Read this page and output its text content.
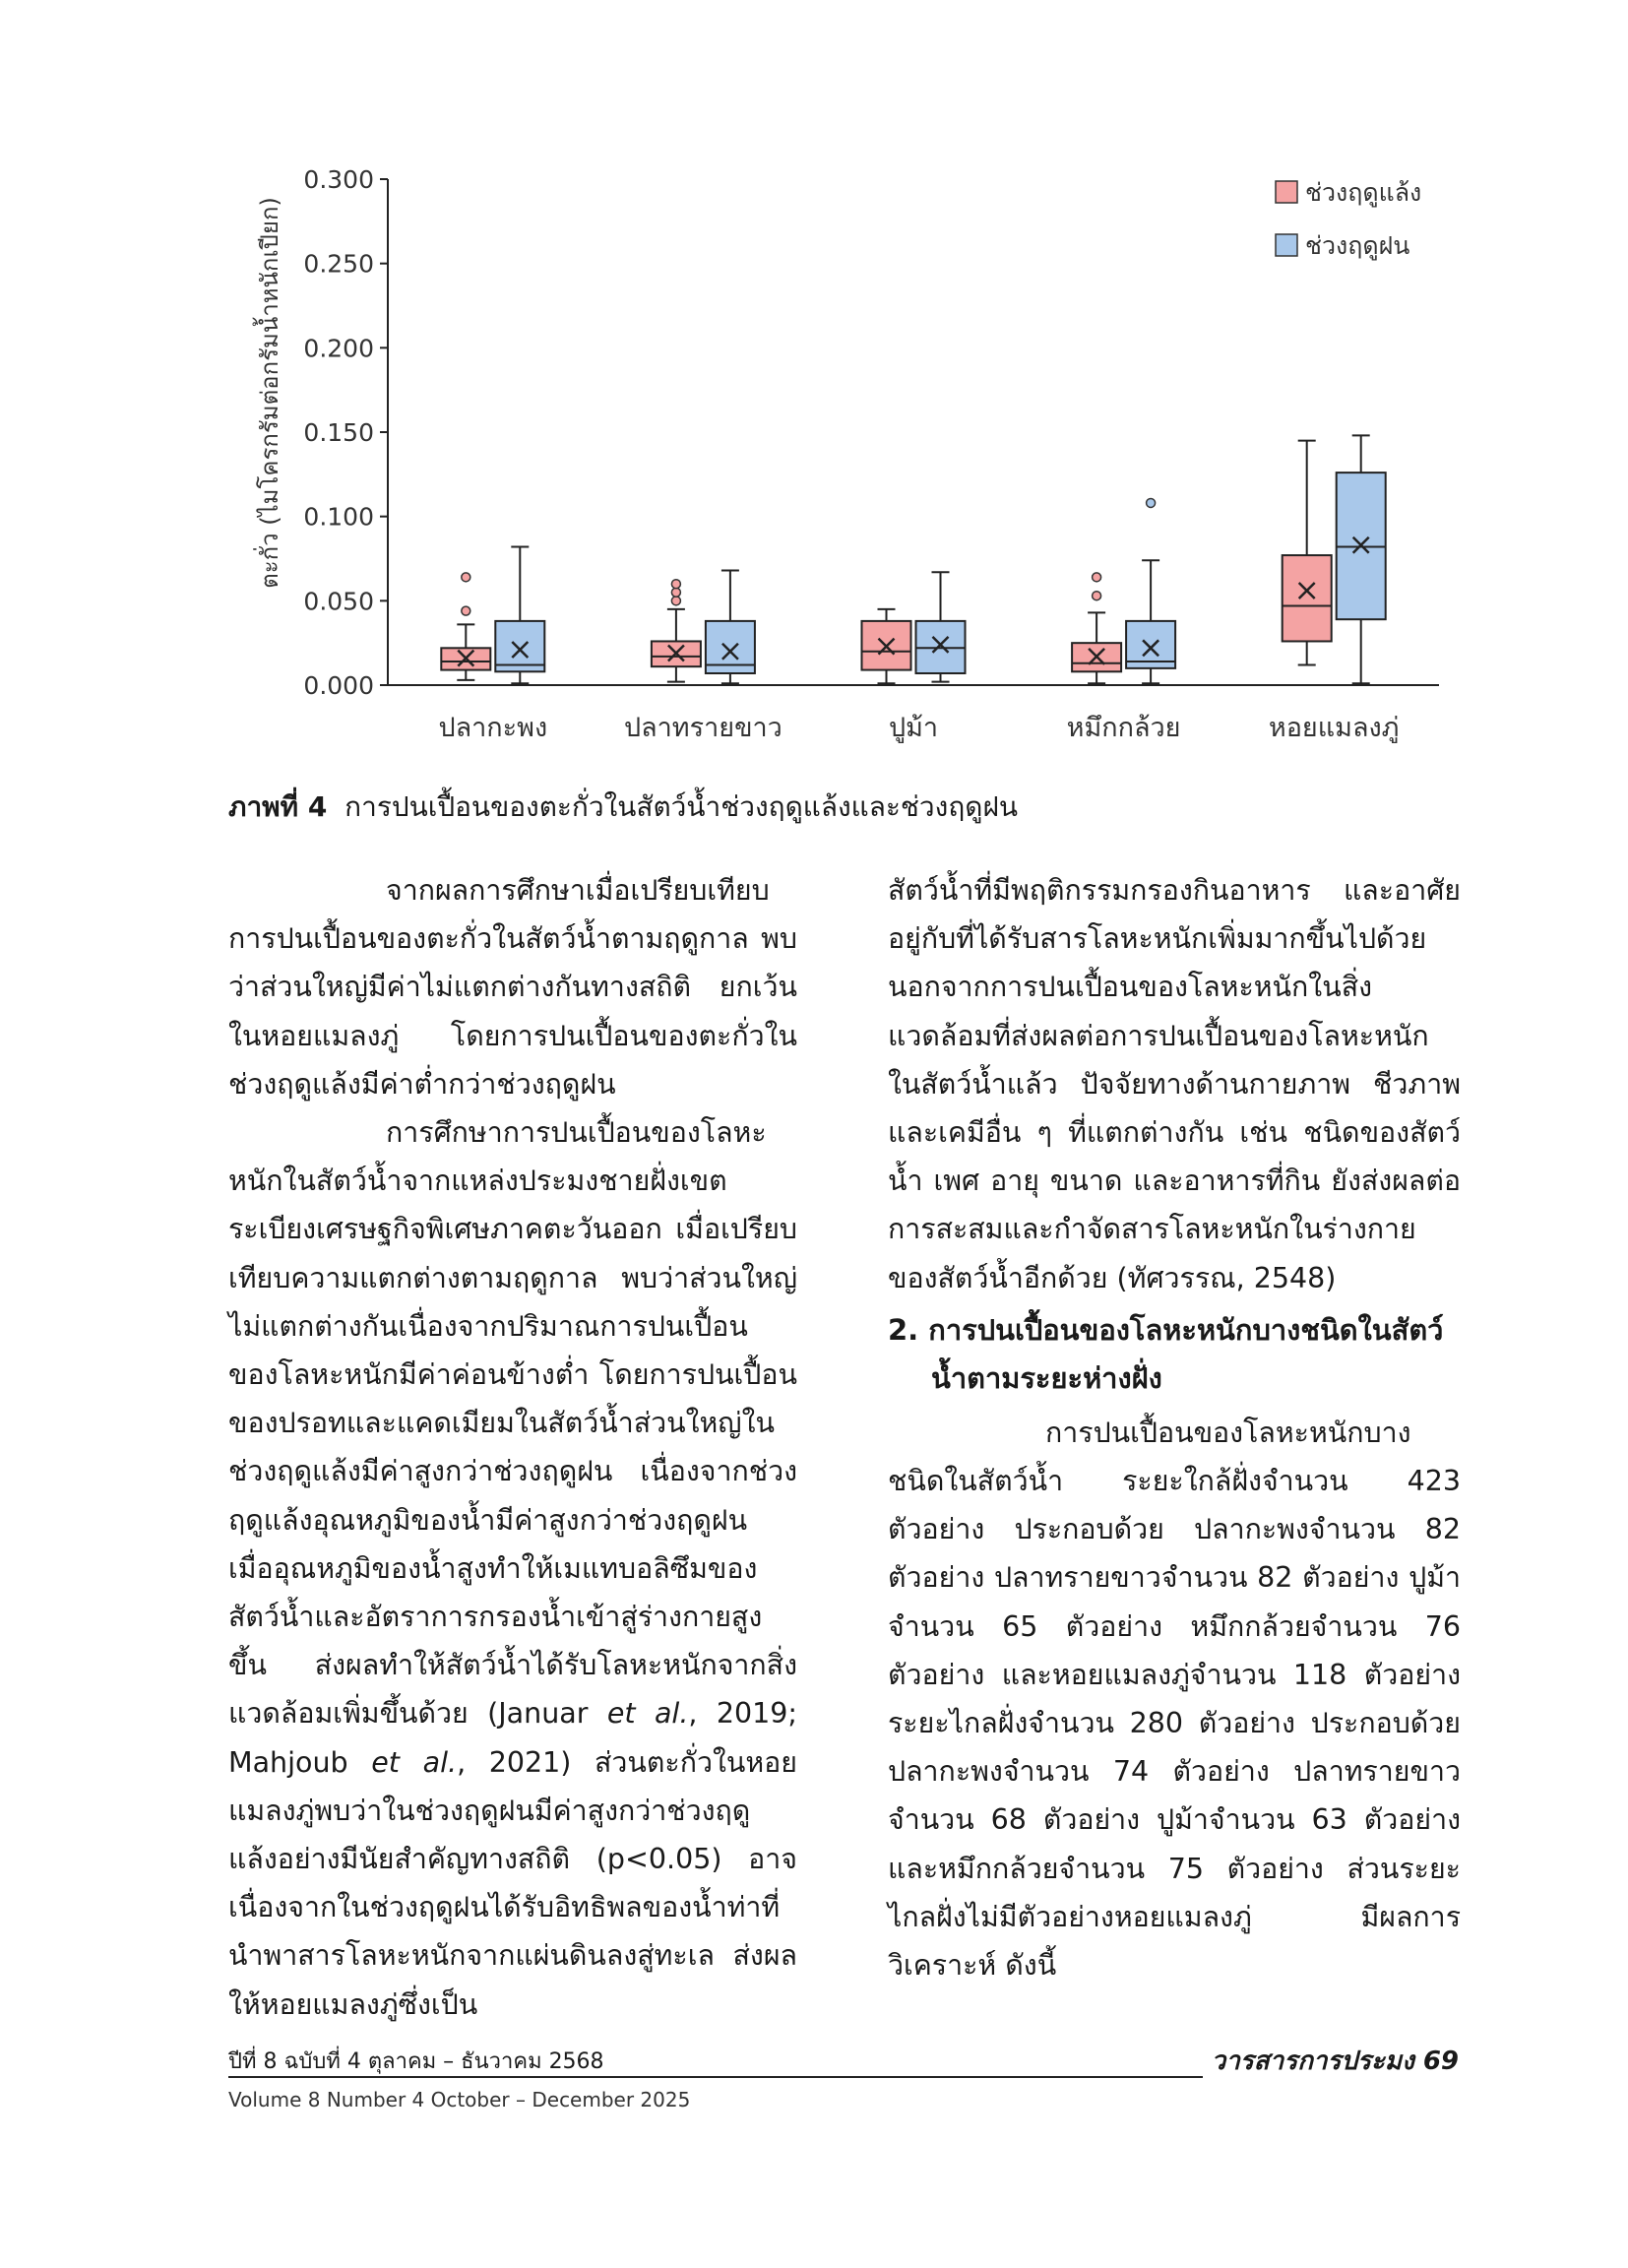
0.000
0.050
0.100
0.150
0.200
0.250
0.300
ตะกั่ว (ไมโครกรัมต่อกรัมน้ำหนักเปียก)
ปลากะพง	ปลาทรายขาว	ปูม้า	หมึกกล้วย	หอยแมลงภู่
ช่วงฤดูแล้ง
ช่วงฤดูฝน
ภาพที่ 4 การปนเปื้อนของตะกั่วในสัตว์น้ำช่วงฤดูแล้งและช่วงฤดูฝน

จากผลการศึกษาเมื่อเปรียบเทียบการปนเปื้อนของตะกั่วในสัตว์น้ำตามฤดูกาล พบว่าส่วนใหญ่มีค่าไม่แตกต่างกันทางสถิติ ยกเว้นในหอยแมลงภู่ โดยการปนเปื้อนของตะกั่วในช่วงฤดูแล้งมีค่าต่ำกว่าช่วงฤดูฝน

การศึกษาการปนเปื้อนของโลหะหนักในสัตว์น้ำจากแหล่งประมงชายฝั่งเขตระเบียงเศรษฐกิจพิเศษภาคตะวันออก เมื่อเปรียบเทียบความแตกต่างตามฤดูกาล พบว่าส่วนใหญ่ไม่แตกต่างกันเนื่องจากปริมาณการปนเปื้อนของโลหะหนักมีค่าค่อนข้างต่ำ โดยการปนเปื้อนของปรอทและแคดเมียมในสัตว์น้ำส่วนใหญ่ในช่วงฤดูแล้งมีค่าสูงกว่าช่วงฤดูฝน เนื่องจากช่วงฤดูแล้งอุณหภูมิของน้ำมีค่าสูงกว่าช่วงฤดูฝน เมื่ออุณหภูมิของน้ำสูงทำให้เมแทบอลิซึมของสัตว์น้ำและอัตราการกรองน้ำเข้าสู่ร่างกายสูงขึ้น ส่งผลทำให้สัตว์น้ำได้รับโลหะหนักจากสิ่งแวดล้อมเพิ่มขึ้นด้วย (Januar et al., 2019; Mahjoub et al., 2021) ส่วนตะกั่วในหอยแมลงภู่พบว่าในช่วงฤดูฝนมีค่าสูงกว่าช่วงฤดูแล้งอย่างมีนัยสำคัญทางสถิติ (p<0.05) อาจเนื่องจากในช่วงฤดูฝนได้รับอิทธิพลของน้ำท่าที่นำพาสารโลหะหนักจากแผ่นดินลงสู่ทะเล ส่งผลให้หอยแมลงภู่ซึ่งเป็น

สัตว์น้ำที่มีพฤติกรรมกรองกินอาหาร และอาศัยอยู่กับที่ได้รับสารโลหะหนักเพิ่มมากขึ้นไปด้วย นอกจากการปนเปื้อนของโลหะหนักในสิ่งแวดล้อมที่ส่งผลต่อการปนเปื้อนของโลหะหนักในสัตว์น้ำแล้ว ปัจจัยทางด้านกายภาพ ชีวภาพ และเคมีอื่น ๆ ที่แตกต่างกัน เช่น ชนิดของสัตว์น้ำ เพศ อายุ ขนาด และอาหารที่กิน ยังส่งผลต่อการสะสมและกำจัดสารโลหะหนักในร่างกายของสัตว์น้ำอีกด้วย (ทัศวรรณ, 2548)

2. การปนเปื้อนของโลหะหนักบางชนิดในสัตว์น้ำตามระยะห่างฝั่ง

การปนเปื้อนของโลหะหนักบางชนิดในสัตว์น้ำ ระยะใกล้ฝั่งจำนวน 423 ตัวอย่าง ประกอบด้วย ปลากะพงจำนวน 82 ตัวอย่าง ปลาทรายขาวจำนวน 82 ตัวอย่าง ปูม้าจำนวน 65 ตัวอย่าง หมึกกล้วยจำนวน 76 ตัวอย่าง และหอยแมลงภู่จำนวน 118 ตัวอย่าง ระยะไกลฝั่งจำนวน 280 ตัวอย่าง ประกอบด้วย ปลากะพงจำนวน 74 ตัวอย่าง ปลาทรายขาวจำนวน 68 ตัวอย่าง ปูม้าจำนวน 63 ตัวอย่าง และหมึกกล้วยจำนวน 75 ตัวอย่าง ส่วนระยะไกลฝั่งไม่มีตัวอย่างหอยแมลงภู่ มีผลการวิเคราะห์ ดังนี้

ปีที่ 8 ฉบับที่ 4 ตุลาคม – ธันวาคม 2568	วารสารการประมง 69
Volume 8 Number 4 October – December 2025
